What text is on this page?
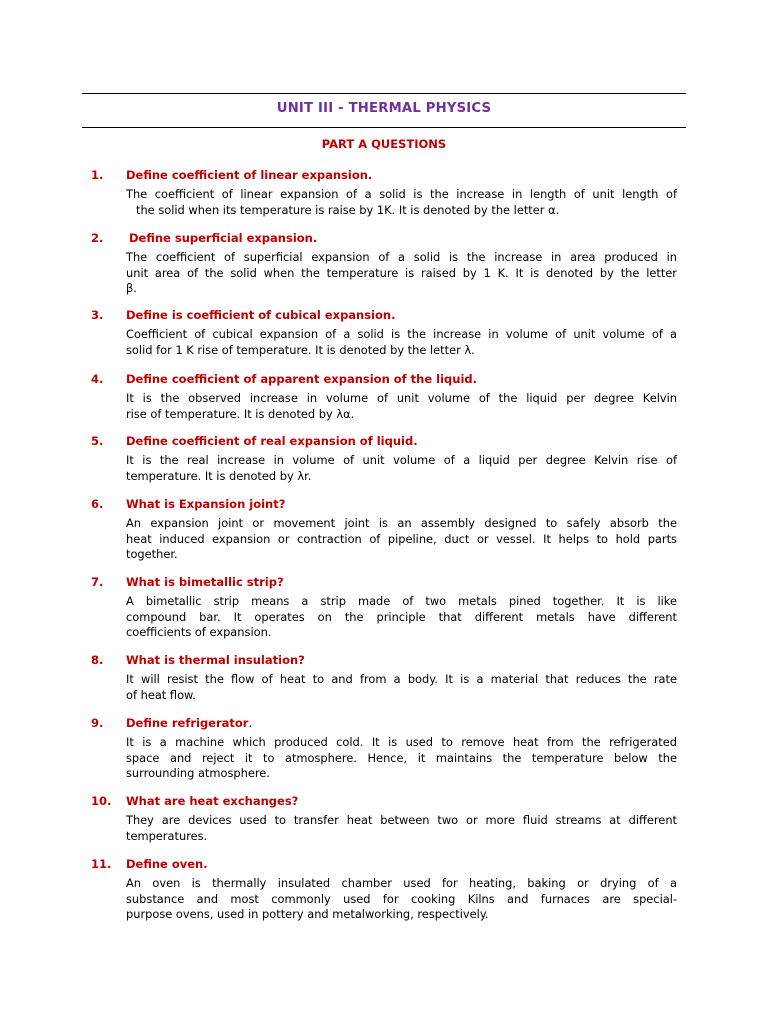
UNIT III - THERMAL PHYSICS
PART A QUESTIONS
1. Define coefficient of linear expansion.
The coefficient of linear expansion of a solid is the increase in length of unit length of
the solid when its temperature is raise by 1K. It is denoted by the letter α.
2. Define superficial expansion.
The coefficient of superficial expansion of a solid is the increase in area produced in
unit area of the solid when the temperature is raised by 1 K. It is denoted by the letter
β.
3. Define is coefficient of cubical expansion.
Coefficient of cubical expansion of a solid is the increase in volume of unit volume of a
solid for 1 K rise of temperature. It is denoted by the letter λ.
4. Define coefficient of apparent expansion of the liquid.
It is the observed increase in volume of unit volume of the liquid per degree Kelvin
rise of temperature. It is denoted by λα.
5. Define coefficient of real expansion of liquid.
It is the real increase in volume of unit volume of a liquid per degree Kelvin rise of
temperature. It is denoted by λr.
6. What is Expansion joint?
An expansion joint or movement joint is an assembly designed to safely absorb the
heat induced expansion or contraction of pipeline, duct or vessel. It helps to hold parts
together.
7. What is bimetallic strip?
A bimetallic strip means a strip made of two metals pined together. It is like
compound bar. It operates on the principle that different metals have different
coefficients of expansion.
8. What is thermal insulation?
It will resist the flow of heat to and from a body. It is a material that reduces the rate
of heat flow.
9. Define refrigerator.
It is a machine which produced cold. It is used to remove heat from the refrigerated
space and reject it to atmosphere. Hence, it maintains the temperature below the
surrounding atmosphere.
10. What are heat exchanges?
They are devices used to transfer heat between two or more fluid streams at different
temperatures.
11. Define oven.
An oven is thermally insulated chamber used for heating, baking or drying of a
substance and most commonly used for cooking Kilns and furnaces are special-
purpose ovens, used in pottery and metalworking, respectively.
